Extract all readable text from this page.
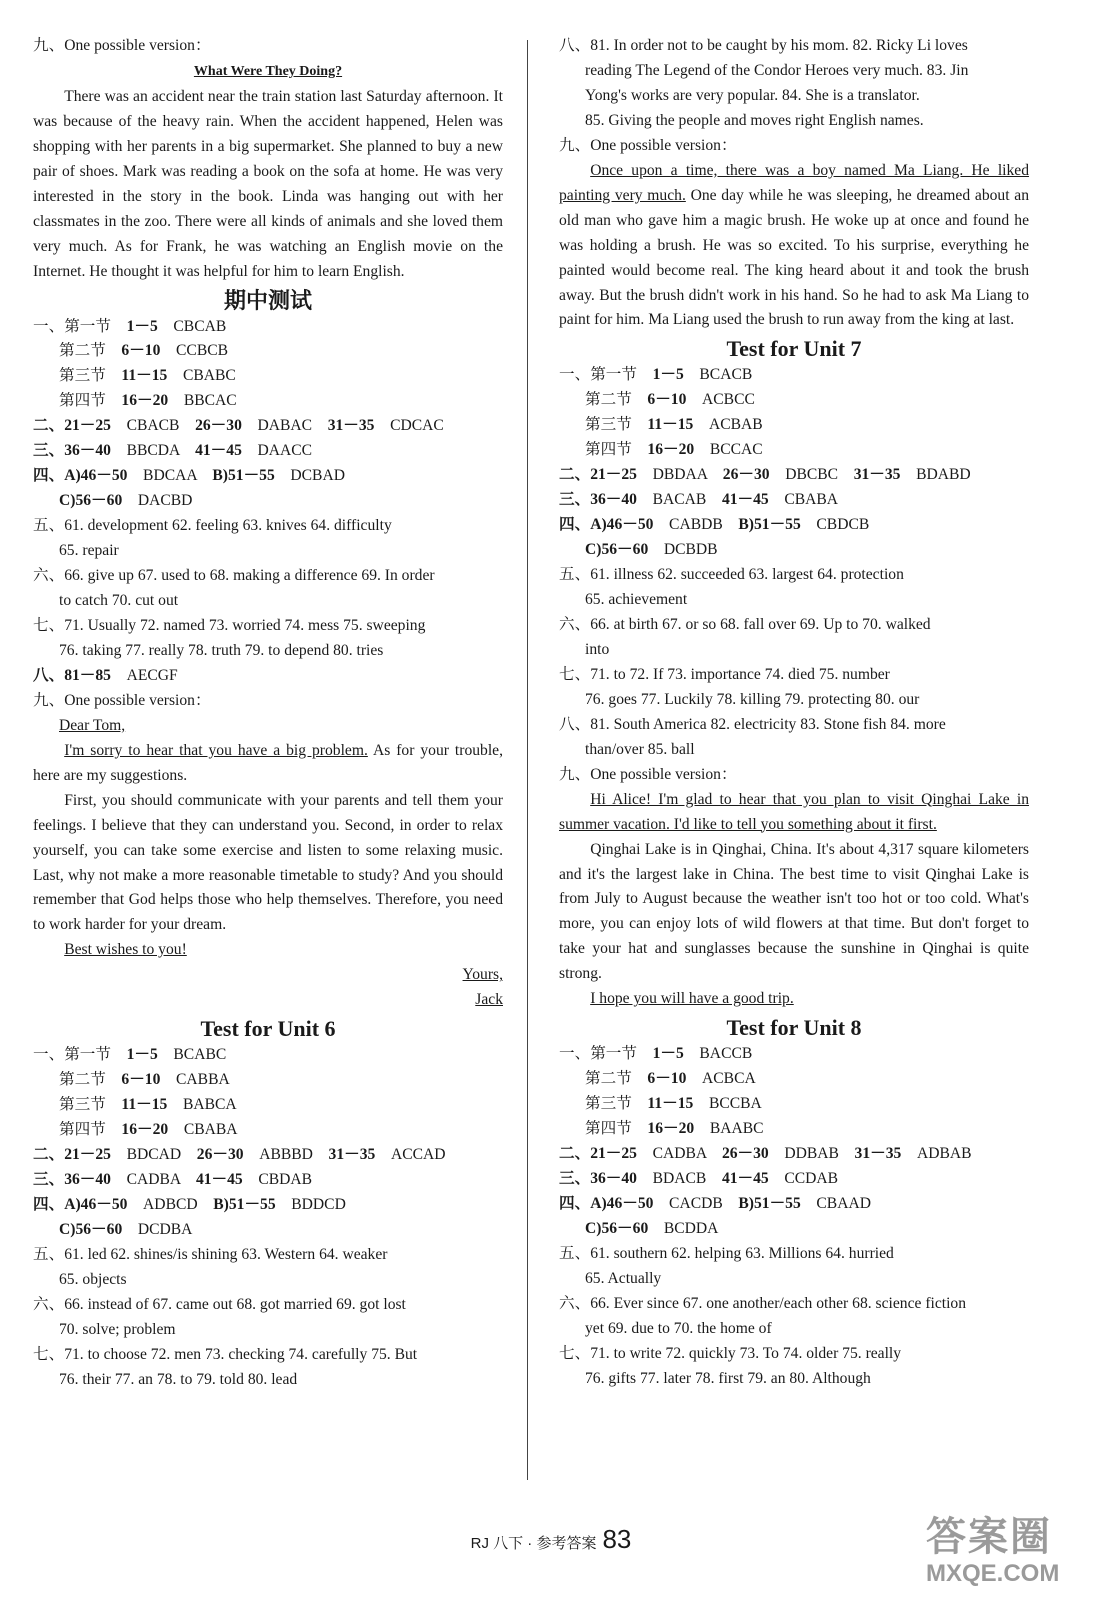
九、One possible version：
What Were They Doing?
There was an accident near the train station last Saturday afternoon. It was because of the heavy rain. When the accident happened, Helen was shopping with her parents in a big supermarket. She planned to buy a new pair of shoes. Mark was reading a book on the sofa at home. He was very interested in the story in the book. Linda was hanging out with her classmates in the zoo. There were all kinds of animals and she loved them very much. As for Frank, he was watching an English movie on the Internet. He thought it was helpful for him to learn English.
期中测试
一、第一节　 1－5　 CBCAB
第二节　 6－10　 CCBCB
第三节　 11－15　 CBABC
第四节　 16－20　 BBCAC
二、21－25　 CBACB　 26－30　 DABAC　 31－35　 CDCAC
三、36－40　 BBCDA　 41－45　 DAACC
四、A)46－50　 BDCAA　 B)51－55　 DCBAD
C)56－60　 DACBD
五、61. development 62. feeling 63. knives 64. difficulty
65. repair
六、66. give up 67. used to 68. making a difference 69. In order
to catch 70. cut out
七、71. Usually 72. named 73. worried 74. mess 75. sweeping
76. taking 77. really 78. truth 79. to depend 80. tries
八、81－85　 AECGF
九、One possible version：
Dear Tom,
I'm sorry to hear that you have a big problem. As for your trouble, here are my suggestions.
First, you should communicate with your parents and tell them your feelings. I believe that they can understand you. Second, in order to relax yourself, you can take some exercise and listen to some relaxing music. Last, why not make a more reasonable timetable to study? And you should remember that God helps those who help themselves. Therefore, you need to work harder for your dream.
Best wishes to you!
Yours,
Jack
Test for Unit 6
一、第一节　 1－5　 BCABC
第二节　 6－10　 CABBA
第三节　 11－15　 BABCA
第四节　 16－20　 CBABA
二、21－25　 BDCAD　 26－30　 ABBBD　 31－35　 ACCAD
三、36－40　 CADBA　 41－45　 CBDAB
四、A)46－50　 ADBCD　 B)51－55　 BDDCD
C)56－60　 DCDBA
五、61. led 62. shines/is shining 63. Western 64. weaker
65. objects
六、66. instead of 67. came out 68. got married 69. got lost
70. solve; problem
七、71. to choose 72. men 73. checking 74. carefully 75. But
76. their 77. an 78. to 79. told 80. lead
八、81. In order not to be caught by his mom. 82. Ricky Li loves
reading The Legend of the Condor Heroes very much. 83. Jin
Yong's works are very popular. 84. She is a translator.
85. Giving the people and moves right English names.
九、One possible version：
Once upon a time, there was a boy named Ma Liang. He liked painting very much. One day while he was sleeping, he dreamed about an old man who gave him a magic brush. He woke up at once and found he was holding a brush. He was so excited. To his surprise, everything he painted would become real. The king heard about it and took the brush away. But the brush didn't work in his hand. So he had to ask Ma Liang to paint for him. Ma Liang used the brush to run away from the king at last.
Test for Unit 7
一、第一节　 1－5　 BCACB
第二节　 6－10　 ACBCC
第三节　 11－15　 ACBAB
第四节　 16－20　 BCCAC
二、21－25　 DBDAA　 26－30　 DBCBC　 31－35　 BDABD
三、36－40　 BACAB　 41－45　 CBABA
四、A)46－50　 CABDB　 B)51－55　 CBDCB
C)56－60　 DCBDB
五、61. illness 62. succeeded 63. largest 64. protection
65. achievement
六、66. at birth 67. or so 68. fall over 69. Up to 70. walked
into
七、71. to 72. If 73. importance 74. died 75. number
76. goes 77. Luckily 78. killing 79. protecting 80. our
八、81. South America 82. electricity 83. Stone fish 84. more
than/over 85. ball
九、One possible version：
Hi Alice! I'm glad to hear that you plan to visit Qinghai Lake in summer vacation. I'd like to tell you something about it first.
Qinghai Lake is in Qinghai, China. It's about 4,317 square kilometers and it's the largest lake in China. The best time to visit Qinghai Lake is from July to August because the weather isn't too hot or too cold. What's more, you can enjoy lots of wild flowers at that time. But don't forget to take your hat and sunglasses because the sunshine in Qinghai is quite strong.
I hope you will have a good trip.
Test for Unit 8
一、第一节　 1－5　 BACCB
第二节　 6－10　 ACBCA
第三节　 11－15　 BCCBA
第四节　 16－20　 BAABC
二、21－25　 CADBA　 26－30　 DDBAB　 31－35　 ADBAB
三、36－40　 BDACB　 41－45　 CCDAB
四、A)46－50　 CACDB　 B)51－55　 CBAAD
C)56－60　 BCDDA
五、61. southern 62. helping 63. Millions 64. hurried
65. Actually
六、66. Ever since 67. one another/each other 68. science fiction
yet 69. due to 70. the home of
七、71. to write 72. quickly 73. To 74. older 75. really
76. gifts 77. later 78. first 79. an 80. Although
RJ 八下 · 参考答案 83	答案圈
MXQE.COM
